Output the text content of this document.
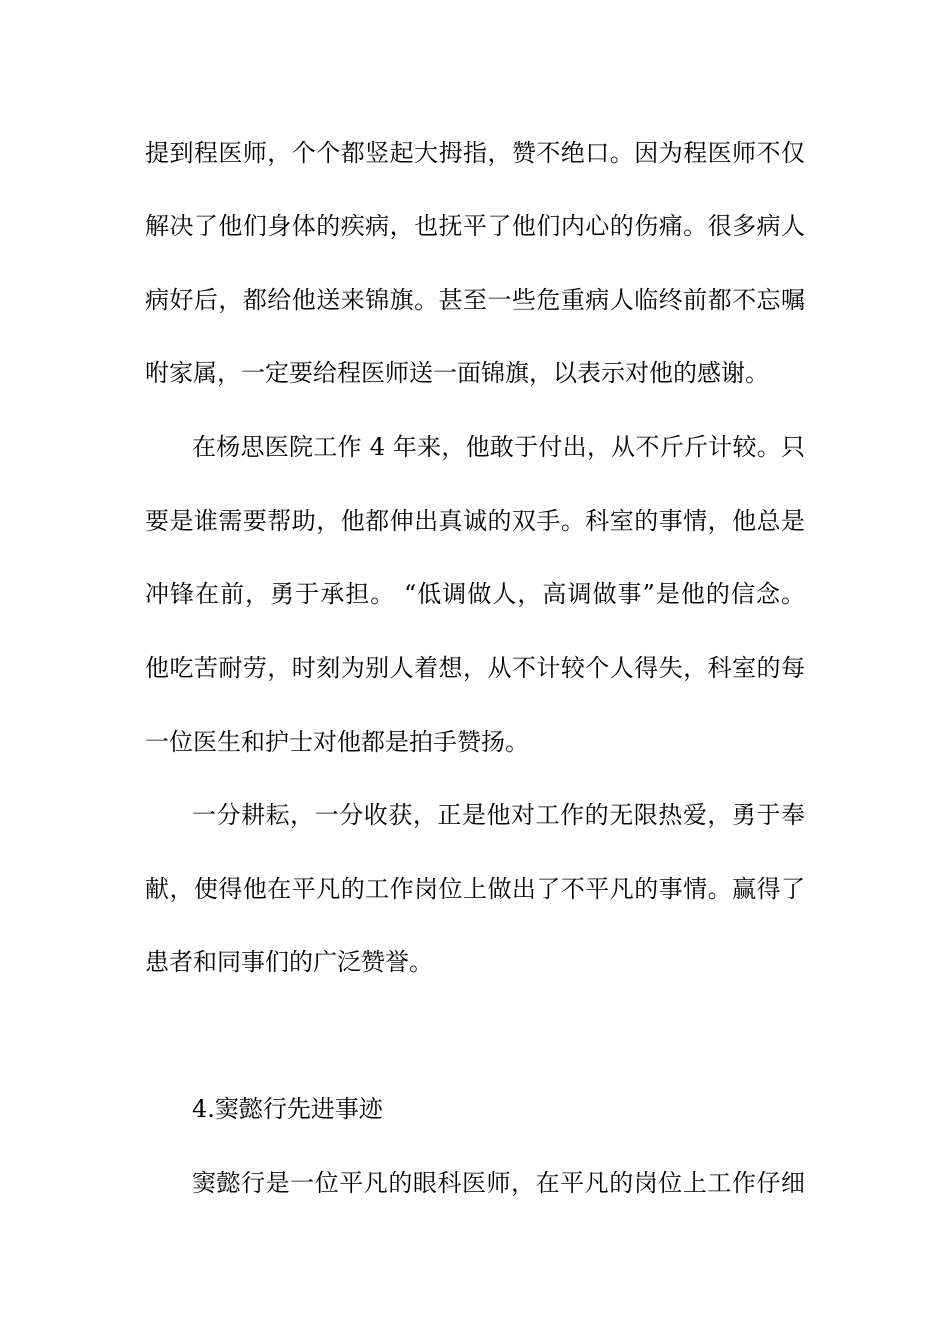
提到程医师，个个都竖起大拇指，赞不绝口。因为程医师不仅
解决了他们身体的疾病，也抚平了他们内心的伤痛。很多病人
病好后，都给他送来锦旗。甚至一些危重病人临终前都不忘嘱
咐家属，一定要给程医师送一面锦旗，以表示对他的感谢。
在杨思医院工作 4 年来，他敢于付出，从不斤斤计较。只
要是谁需要帮助，他都伸出真诚的双手。科室的事情，他总是
冲锋在前，勇于承担。 “低调做人，高调做事”是他的信念。
他吃苦耐劳，时刻为别人着想，从不计较个人得失，科室的每
一位医生和护士对他都是拍手赞扬。
一分耕耘，一分收获，正是他对工作的无限热爱，勇于奉
献，使得他在平凡的工作岗位上做出了不平凡的事情。赢得了
患者和同事们的广泛赞誉。
4.窦懿行先进事迹
窦懿行是一位平凡的眼科医师，在平凡的岗位上工作仔细
